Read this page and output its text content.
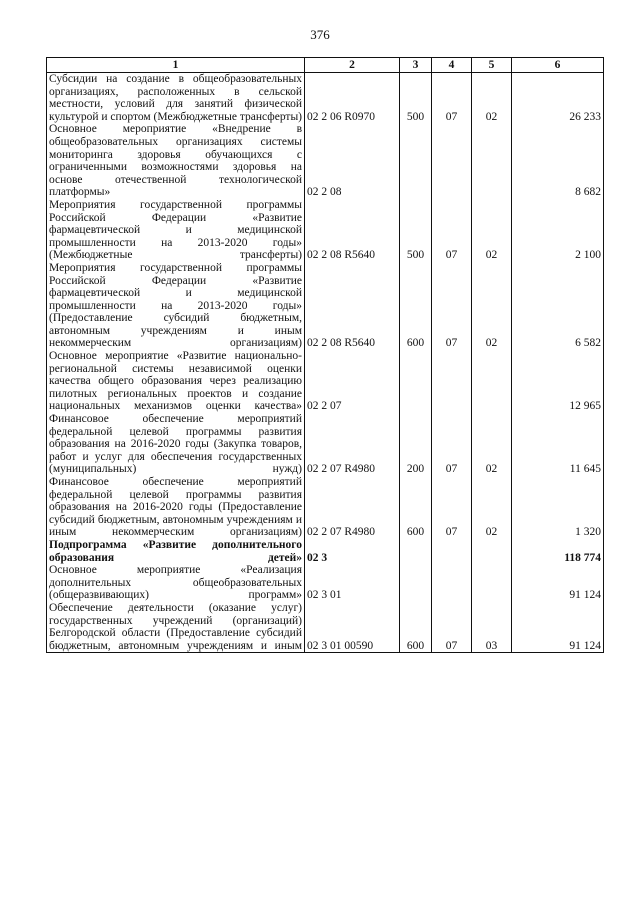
376
1	2	3	4	5	6
Субсидии на создание в общеобразовательных организациях, расположенных в сельской местности, условий для занятий физической культурой и спортом (Межбюджетные трансферты)	02 2 06 R0970	500	07	02	26 233
Основное мероприятие «Внедрение в общеобразовательных организациях системы мониторинга здоровья обучающихся с ограниченными возможностями здоровья на основе отечественной технологической платформы»	02 2 08				8 682
Мероприятия государственной программы Российской Федерации «Развитие фармацевтической и медицинской промышленности на 2013-2020 годы» (Межбюджетные трансферты)	02 2 08 R5640	500	07	02	2 100
Мероприятия государственной программы Российской Федерации «Развитие фармацевтической и медицинской промышленности на 2013-2020 годы» (Предоставление субсидий бюджетным, автономным учреждениям и иным некоммерческим организациям)	02 2 08 R5640	600	07	02	6 582
Основное мероприятие «Развитие национально-региональной системы независимой оценки качества общего образования через реализацию пилотных региональных проектов и создание национальных механизмов оценки качества»	02 2 07				12 965
Финансовое обеспечение мероприятий федеральной целевой программы развития образования на 2016-2020 годы (Закупка товаров, работ и услуг для обеспечения государственных (муниципальных) нужд)	02 2 07 R4980	200	07	02	11 645
Финансовое обеспечение мероприятий федеральной целевой программы развития образования на 2016-2020 годы (Предоставление субсидий бюджетным, автономным учреждениям и иным некоммерческим организациям)	02 2 07 R4980	600	07	02	1 320
Подпрограмма «Развитие дополнительного образования детей»	02 3				118 774
Основное мероприятие «Реализация дополнительных общеобразовательных (общеразвивающих) программ»	02 3 01				91 124
Обеспечение деятельности (оказание услуг) государственных учреждений (организаций) Белгородской области (Предоставление субсидий бюджетным, автономным учреждениям и иным	02 3 01 00590	600	07	03	91 124
